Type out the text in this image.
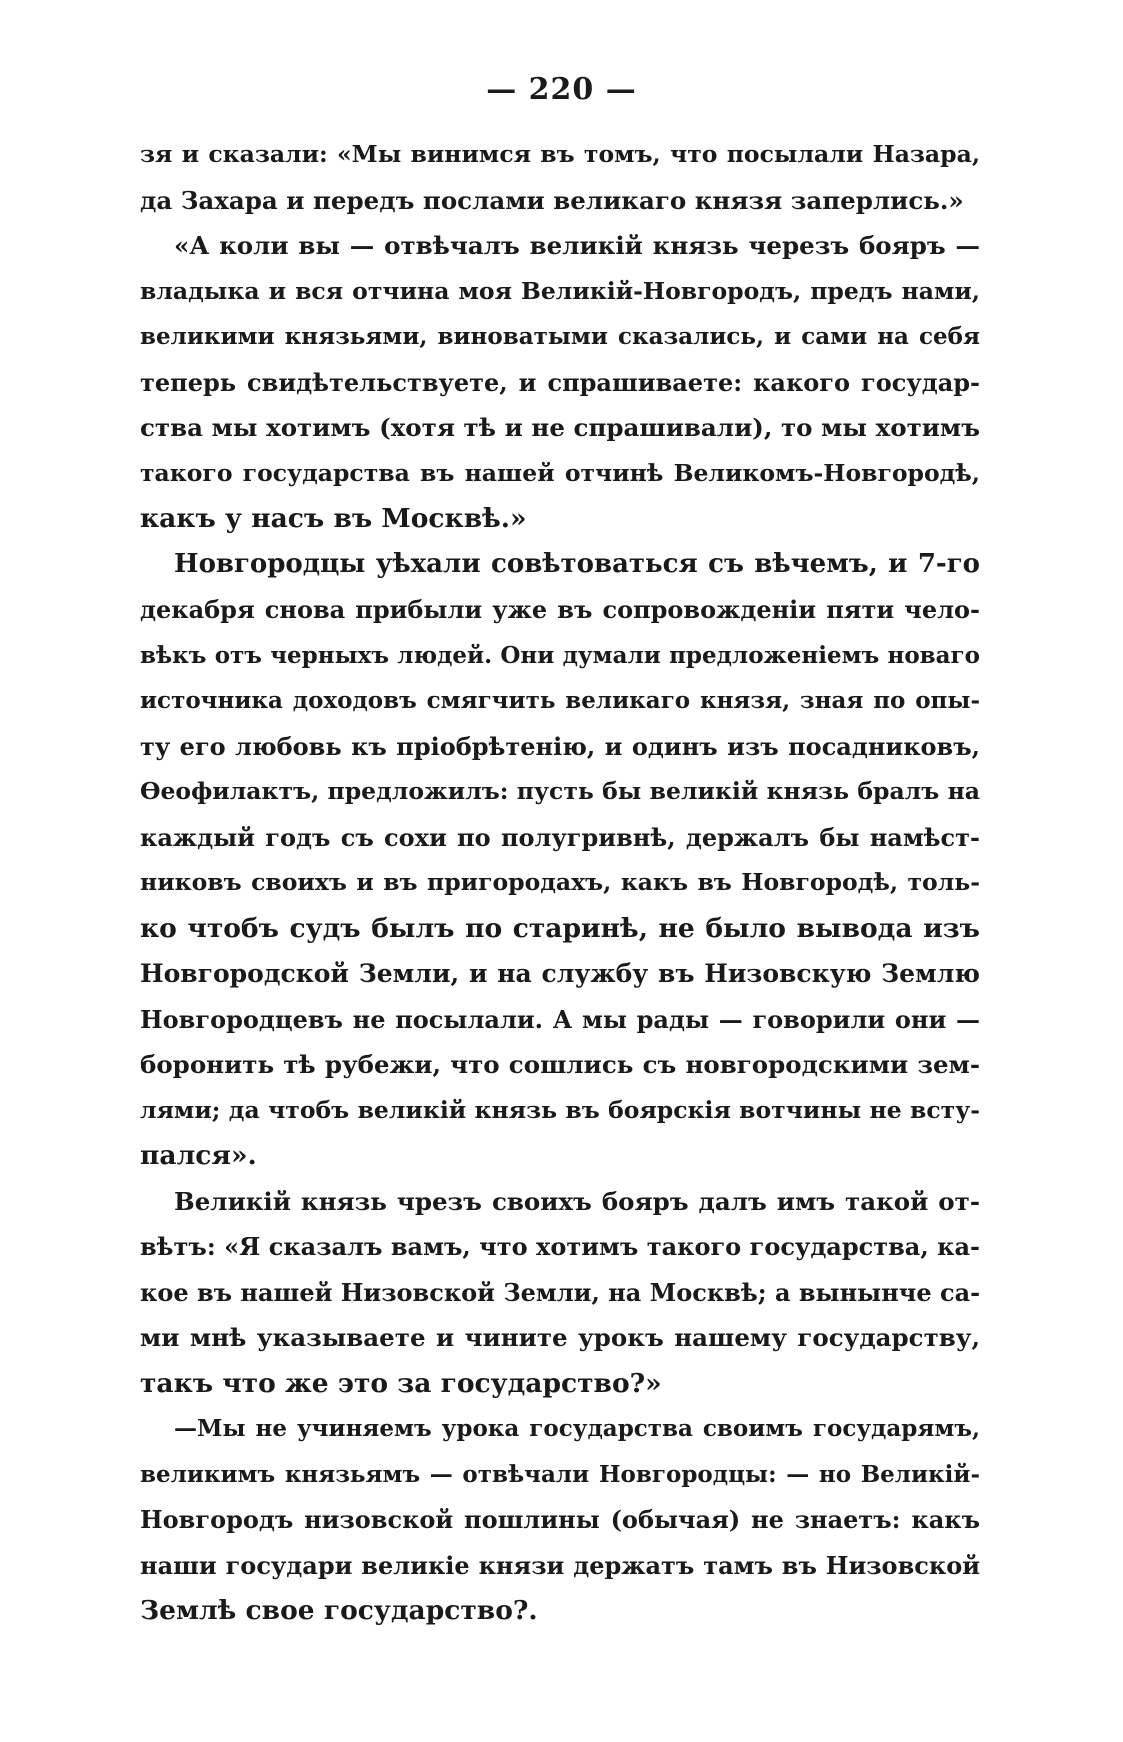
— 220 —
зя и сказали: «Мы винимся въ томъ, что посылали Назара,
да Захара и передъ послами великаго князя заперлись.»
«А коли вы — отвѣчалъ великій князь черезъ бояръ —
владыка и вся отчина моя Великій-Новгородъ, предъ нами,
великими князьями, виноватыми сказались, и сами на себя
теперь свидѣтельствуете, и спрашиваете: какого государ-
ства мы хотимъ (хотя тѣ и не спрашивали), то мы хотимъ
такого государства въ нашей отчинѣ Великомъ-Новгородѣ,
какъ у насъ въ Москвѣ.»
Новгородцы уѣхали совѣтоваться съ вѣчемъ, и 7-го
декабря снова прибыли уже въ сопровожденіи пяти чело-
вѣкъ отъ черныхъ людей. Они думали предложеніемъ новаго
источника доходовъ смягчить великаго князя, зная по опы-
ту его любовь къ пріобрѣтенію, и одинъ изъ посадниковъ,
Ѳеофилактъ, предложилъ: пусть бы великій князь бралъ на
каждый годъ съ сохи по полугривнѣ, держалъ бы намѣст-
никовъ своихъ и въ пригородахъ, какъ въ Новгородѣ, толь-
ко чтобъ судъ былъ по старинѣ, не было вывода изъ
Новгородской Земли, и на службу въ Низовскую Землю
Новгородцевъ не посылали. А мы рады — говорили они —
боронить тѣ рубежи, что сошлись съ новгородскими зем-
лями; да чтобъ великій князь въ боярскія вотчины не всту-
пался».
Великій князь чрезъ своихъ бояръ далъ имъ такой от-
вѣтъ: «Я сказалъ вамъ, что хотимъ такого государства, ка-
кое въ нашей Низовской Земли, на Москвѣ; а вынынче са-
ми мнѣ указываете и чините урокъ нашему государству,
такъ что же это за государство?»
—Мы не учиняемъ урока государства своимъ государямъ,
великимъ князьямъ — отвѣчали Новгородцы: — но Великій-
Новгородъ низовской пошлины (обычая) не знаетъ: какъ
наши государи великіе князи держатъ тамъ въ Низовской
Землѣ свое государство?.
